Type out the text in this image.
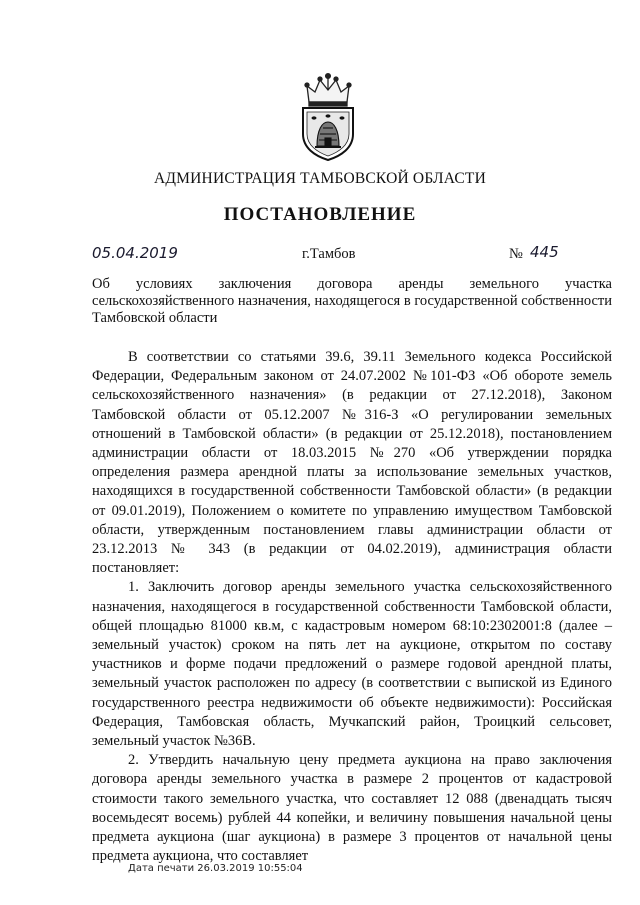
АДМИНИСТРАЦИЯ ТАМБОВСКОЙ ОБЛАСТИ
ПОСТАНОВЛЕНИЕ
05.04.2019	г.Тамбов	№ 445
Об условиях заключения договора аренды земельного участка сельскохозяйственного назначения, находящегося в государственной собственности Тамбовской области

В соответствии со статьями 39.6, 39.11 Земельного кодекса Российской Федерации, Федеральным законом от 24.07.2002 №101-ФЗ «Об обороте земель сельскохозяйственного назначения» (в редакции от 27.12.2018), Законом Тамбовской области от 05.12.2007 №316-З «О регулировании земельных отношений в Тамбовской области» (в редакции от 25.12.2018), постановлением администрации области от 18.03.2015 №270 «Об утверждении порядка определения размера арендной платы за использование земельных участков, находящихся в государственной собственности Тамбовской области» (в редакции от 09.01.2019), Положением о комитете по управлению имуществом Тамбовской области, утвержденным постановлением главы администрации области от 23.12.2013 № 343 (в редакции от 04.02.2019), администрация области постановляет:

1. Заключить договор аренды земельного участка сельскохозяйственного назначения, находящегося в государственной собственности Тамбовской области, общей площадью 81000 кв.м, с кадастровым номером 68:10:2302001:8 (далее – земельный участок) сроком на пять лет на аукционе, открытом по составу участников и форме подачи предложений о размере годовой арендной платы, земельный участок расположен по адресу (в соответствии с выпиской из Единого государственного реестра недвижимости об объекте недвижимости): Российская Федерация, Тамбовская область, Мучкапский район, Троицкий сельсовет, земельный участок №36В.

2. Утвердить начальную цену предмета аукциона на право заключения договора аренды земельного участка в размере 2 процентов от кадастровой стоимости такого земельного участка, что составляет 12 088 (двенадцать тысяч восемьдесят восемь) рублей 44 копейки, и величину повышения начальной цены предмета аукциона (шаг аукциона) в размере 3 процентов от начальной цены предмета аукциона, что составляет

Дата печати 26.03.2019 10:55:04
